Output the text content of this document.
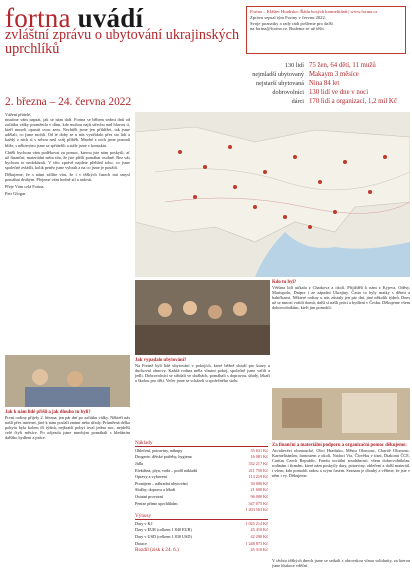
fortna uvádí
zvláštní zprávu o ubytování ukrajinských uprchlíků
2. března – 24. června 2022
Fortna – Klášter Hradisko: Řádu bosých karmelitánů | www.fortna.cz
Zprávu sepsal tým Fortny v červnu 2022.
Svoje poznatky a rady rádi pošleme pro další
na fortna@fortna.cz. Budeme se už těšit.
130 lidí 75 žen, 64 dětí, 11 mužů
nejmladší ubytovaný Makaym 3 měsíce
nejstarší ubytovaná Nina 84 let
dobrovolníci 130 lidí ve dne v noci
dárci 170 lidí a organizací, 1,2 mil Kč
Vážení přátelé,

musíme vám napsat, jak se nám daří. Fortna se během sedmi dnů od začátku války proměnila v dům, kde mohou najít střechu nad hlavou ti, kteří museli opustit svou zem. Nechtěli jsme jen přihlížet, tak jsme udělali, co jsme mohli. Od té doby se u nás vystřídalo přes sto lidí a každý z nich si s sebou nesl svůj příběh. Mnohé z nich jsme poznali blíže, s některými jsme se spřátelili a stále jsme v kontaktu.

Chtěli bychom vám poděkovat za pomoc, kterou jste nám poskytli, ať už finanční, materiální nebo tím, že jste přišli pomáhat osobně. Bez vás bychom to nedokázali. V této zprávě najdete přehled toho, co jsme společně zvládli, kolik peněz jsme vybrali a na co jsme je použili.

Děkujeme, že s námi sdílíte víru, že i v těžkých časech má smysl pomáhat druhým. Přejeme vám hodně sil a radosti.

Přeje Vám celá Fortna.

Petr Glogar
Kdo tu byl?
Většina lidí utíkala z Charkova a okolí. Přijížděli k nám z Kyjeva, Oděsy, Mariupolu, Dnipra i ze západní Ukrajiny. Často to byly matky s dětmi a babičkami. Některé rodiny u nás zůstaly jen pár dní, jiné několik týdnů. Dnes už se mnozí vrátili domů, další si našli práci a bydlení v Česku. Děkujeme všem dobrovolníkům, kteří jim pomohli.
Jak vypadalo ubytování?
Na Fortně byli lidé ubytováni v pokojích, které běžně slouží pro kurzy a duchovní obnovy. Každá rodina měla vlastní pokoj, společně jsme vařili a jedli. Dobrovolníci se střídali ve službách, pomáhali s dopravou, úřady, lékaři a školou pro děti. Večer jsme se scházeli u společného stolu.
Jak k nám lidé přišli a jak dlouho tu byli?
První rodiny přijely 2. března, jen pár dní po začátku války. Někteří nás našli přes internet, jiné k nám poslali známí nebo úřady. Průměrná délka pobytu byla kolem tří týdnů, nejkratší pobyt trval jednu noc, nejdelší celé čtyři měsíce. Po odjezdu jsme mnohým pomáhali s hledáním dalšího bydlení a práce.
Náklady
Oblečení, potraviny, nákupy	35 631 Kč
Drogerie, dětské potřeby, hygiena	16 081 Kč
Jídla	332 217 Kč
Elektřina, plyn, voda – podíl nákladů	211 750 Kč
Opravy a vybavení	113 219 Kč
Pronájem – náhradní ubytování	30 000 Kč
Služby, doprava a lékaři	21 600 Kč
Ostatní provozní	96 000 Kč
Peníze přímo uprchlíkům	347 075 Kč
	1 203 563 Kč
Výnosy
Dary v Kč	1 025 214 Kč
Dary v EUR (celkem 1 840 EUR)	45 410 Kč
Dary v USD (celkem 1 830 USD)	42 290 Kč
Dotace	1 248 873 Kč
Rozdíl (zisk k 24. 6.)	45 310 Kč
Za finanční a materiální podporu a organizační pomoc děkujeme:
Arcidiecézi olomoucké, Obci Hradisko, Městu Olomouc, Charitě Olomouc, Karmelitánům, farnostem z okolí, Nadaci Via, Člověku v tísni, Diakonii ČCE, Caritas Czech Republic, Fondu sociální soudržnosti, všem dobrovolníkům, rodinám i firmám, které nám poskytly dary, potraviny, oblečení a další materiál, i všem, kdo pomohli radou a svým časem. Seznam je dlouhý a věříme, že jste v něm i vy. Děkujeme.
V těchto těžkých dnech jsme se setkali s obrovskou vlnou solidarity, za kterou jsme hluboce vděční.
